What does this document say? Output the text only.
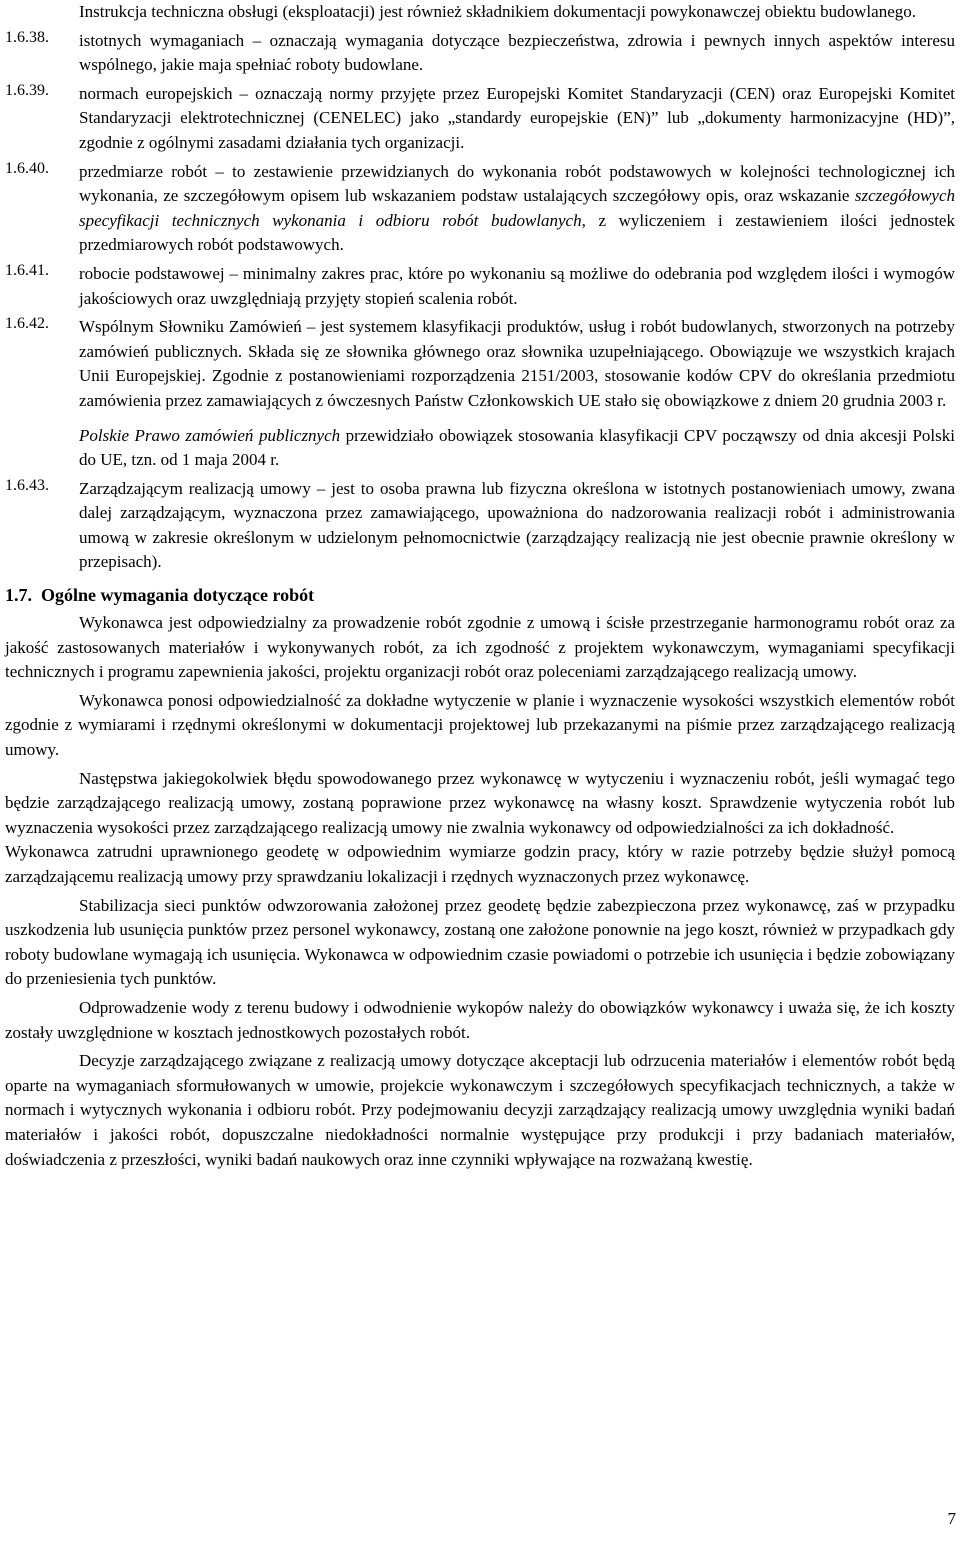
Instrukcja techniczna obsługi (eksploatacji) jest również składnikiem dokumentacji powykonawczej obiektu budowlanego.

1.6.38.	istotnych wymaganiach – oznaczają wymagania dotyczące bezpieczeństwa, zdrowia i pewnych innych aspektów interesu wspólnego, jakie maja spełniać roboty budowlane.

1.6.39.	normach europejskich – oznaczają normy przyjęte przez Europejski Komitet Standaryzacji (CEN) oraz Europejski Komitet Standaryzacji elektrotechnicznej (CENELEC) jako „standardy europejskie (EN)” lub „dokumenty harmonizacyjne (HD)”, zgodnie z ogólnymi zasadami działania tych organizacji.

1.6.40.	przedmiarze robót – to zestawienie przewidzianych do wykonania robót podstawowych w kolejności technologicznej ich wykonania, ze szczegółowym opisem lub wskazaniem podstaw ustalających szczegółowy opis, oraz wskazanie szczegółowych specyfikacji technicznych wykonania i odbioru robót budowlanych, z wyliczeniem i zestawieniem ilości jednostek przedmiarowych robót podstawowych.

1.6.41.	robocie podstawowej – minimalny zakres prac, które po wykonaniu są możliwe do odebrania pod względem ilości i wymogów jakościowych oraz uwzględniają przyjęty stopień scalenia robót.

1.6.42.	Wspólnym Słowniku Zamówień – jest systemem klasyfikacji produktów, usług i robót budowlanych, stworzonych na potrzeby zamówień publicznych. Składa się ze słownika głównego oraz słownika uzupełniającego. Obowiązuje we wszystkich krajach Unii Europejskiej. Zgodnie z postanowieniami rozporządzenia 2151/2003, stosowanie kodów CPV do określania przedmiotu zamówienia przez zamawiających z ówczesnych Państw Członkowskich UE stało się obowiązkowe z dniem 20 grudnia 2003 r.

Polskie Prawo zamówień publicznych przewidziało obowiązek stosowania klasyfikacji CPV począwszy od dnia akcesji Polski do UE, tzn. od 1 maja 2004 r.

1.6.43.	Zarządzającym realizacją umowy – jest to osoba prawna lub fizyczna określona w istotnych postanowieniach umowy, zwana dalej zarządzającym, wyznaczona przez zamawiającego, upoważniona do nadzorowania realizacji robót i administrowania umową w zakresie określonym w udzielonym pełnomocnictwie (zarządzający realizacją nie jest obecnie prawnie określony w przepisach).

1.7. Ogólne wymagania dotyczące robót

Wykonawca jest odpowiedzialny za prowadzenie robót zgodnie z umową i ścisłe przestrzeganie harmonogramu robót oraz za jakość zastosowanych materiałów i wykonywanych robót, za ich zgodność z projektem wykonawczym, wymaganiami specyfikacji technicznych i programu zapewnienia jakości, projektu organizacji robót oraz poleceniami zarządzającego realizacją umowy.

Wykonawca ponosi odpowiedzialność za dokładne wytyczenie w planie i wyznaczenie wysokości wszystkich elementów robót zgodnie z wymiarami i rzędnymi określonymi w dokumentacji projektowej lub przekazanymi na piśmie przez zarządzającego realizacją umowy.

Następstwa jakiegokolwiek błędu spowodowanego przez wykonawcę w wytyczeniu i wyznaczeniu robót, jeśli wymagać tego będzie zarządzającego realizacją umowy, zostaną poprawione przez wykonawcę na własny koszt. Sprawdzenie wytyczenia robót lub wyznaczenia wysokości przez zarządzającego realizacją umowy nie zwalnia wykonawcy od odpowiedzialności za ich dokładność.

Wykonawca zatrudni uprawnionego geodetę w odpowiednim wymiarze godzin pracy, który w razie potrzeby będzie służył pomocą zarządzającemu realizacją umowy przy sprawdzaniu lokalizacji i rzędnych wyznaczonych przez wykonawcę.

Stabilizacja sieci punktów odwzorowania założonej przez geodetę będzie zabezpieczona przez wykonawcę, zaś w przypadku uszkodzenia lub usunięcia punktów przez personel wykonawcy, zostaną one założone ponownie na jego koszt, również w przypadkach gdy roboty budowlane wymagają ich usunięcia. Wykonawca w odpowiednim czasie powiadomi o potrzebie ich usunięcia i będzie zobowiązany do przeniesienia tych punktów.

Odprowadzenie wody z terenu budowy i odwodnienie wykopów należy do obowiązków wykonawcy i uważa się, że ich koszty zostały uwzględnione w kosztach jednostkowych pozostałych robót.

Decyzje zarządzającego związane z realizacją umowy dotyczące akceptacji lub odrzucenia materiałów i elementów robót będą oparte na wymaganiach sformułowanych w umowie, projekcie wykonawczym i szczegółowych specyfikacjach technicznych, a także w normach i wytycznych wykonania i odbioru robót. Przy podejmowaniu decyzji zarządzający realizacją umowy uwzględnia wyniki badań materiałów i jakości robót, dopuszczalne niedokładności normalnie występujące przy produkcji i przy badaniach materiałów, doświadczenia z przeszłości, wyniki badań naukowych oraz inne czynniki wpływające na rozważaną kwestię.

7
